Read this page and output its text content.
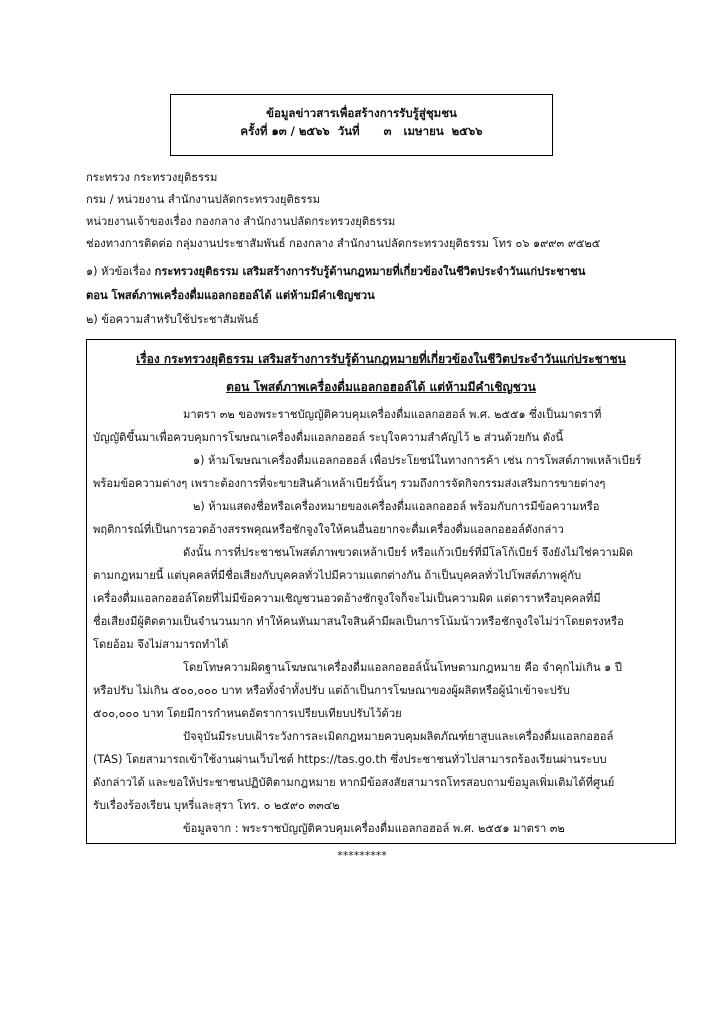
ข้อมูลข่าวสารเพื่อสร้างการรับรู้สู่ชุมชน
ครั้งที่ ๑๓ / ๒๕๖๖  วันที่      ๓   เมษายน  ๒๕๖๖
กระทรวง กระทรวงยุติธรรม
กรม / หน่วยงาน สำนักงานปลัดกระทรวงยุติธรรม
หน่วยงานเจ้าของเรื่อง กองกลาง สำนักงานปลัดกระทรวงยุติธรรม
ช่องทางการติดต่อ กลุ่มงานประชาสัมพันธ์ กองกลาง สำนักงานปลัดกระทรวงยุติธรรม โทร ๐๖ ๑๙๙๓ ๙๕๒๕
๑) หัวข้อเรื่อง กระทรวงยุติธรรม เสริมสร้างการรับรู้ด้านกฎหมายที่เกี่ยวข้องในชีวิตประจำวันแก่ประชาชน
ตอน โพสต์ภาพเครื่องดื่มแอลกอฮอล์ได้ แต่ห้ามมีคำเชิญชวน
๒) ข้อความสำหรับใช้ประชาสัมพันธ์
เรื่อง กระทรวงยุติธรรม เสริมสร้างการรับรู้ด้านกฎหมายที่เกี่ยวข้องในชีวิตประจำวันแก่ประชาชน
ตอน โพสต์ภาพเครื่องดื่มแอลกอฮอล์ได้ แต่ห้ามมีคำเชิญชวน
มาตรา ๓๒ ของพระราชบัญญัติควบคุมเครื่องดื่มแอลกอฮอล์ พ.ศ. ๒๕๕๑ ซึ่งเป็นมาตราที่
บัญญัติขึ้นมาเพื่อควบคุมการโฆษณาเครื่องดื่มแอลกอฮอล์ ระบุใจความสำคัญไว้ ๒ ส่วนด้วยกัน ดังนี้
๑) ห้ามโฆษณาเครื่องดื่มแอลกอฮอล์ เพื่อประโยชน์ในทางการค้า เช่น การโพสต์ภาพเหล้าเบียร์
พร้อมข้อความต่างๆ เพราะต้องการที่จะขายสินค้าเหล้าเบียร์นั้นๆ รวมถึงการจัดกิจกรรมส่งเสริมการขายต่างๆ
๒) ห้ามแสดงชื่อหรือเครื่องหมายของเครื่องดื่มแอลกอฮอล์ พร้อมกับการมีข้อความหรือ
พฤติการณ์ที่เป็นการอวดอ้างสรรพคุณหรือชักจูงใจให้คนอื่นอยากจะดื่มเครื่องดื่มแอลกอฮอล์ดังกล่าว
ดังนั้น การที่ประชาชนโพสต์ภาพขวดเหล้าเบียร์ หรือแก้วเบียร์ที่มีโลโก้เบียร์ จึงยังไม่ใช่ความผิด
ตามกฎหมายนี้ แต่บุคคลที่มีชื่อเสียงกับบุคคลทั่วไปมีความแตกต่างกัน ถ้าเป็นบุคคลทั่วไปโพสต์ภาพคู่กับ
เครื่องดื่มแอลกอฮอล์โดยที่ไม่มีข้อความเชิญชวนอวดอ้างชักจูงใจก็จะไม่เป็นความผิด แต่ดาราหรือบุคคลที่มี
ชื่อเสียงมีผู้ติดตามเป็นจำนวนมาก ทำให้คนหันมาสนใจสินค้ามีผลเป็นการโน้มน้าวหรือชักจูงใจไม่ว่าโดยตรงหรือ
โดยอ้อม จึงไม่สามารถทำได้
โดยโทษความผิดฐานโฆษณาเครื่องดื่มแอลกอฮอล์นั้นโทษตามกฎหมาย คือ จำคุกไม่เกิน ๑ ปี
หรือปรับ ไม่เกิน ๕๐๐,๐๐๐ บาท หรือทั้งจำทั้งปรับ แต่ถ้าเป็นการโฆษณาของผู้ผลิตหรือผู้นำเข้าจะปรับ
๕๐๐,๐๐๐ บาท โดยมีการกำหนดอัตราการเปรียบเทียบปรับไว้ด้วย
ปัจจุบันมีระบบเฝ้าระวังการละเมิดกฎหมายควบคุมผลิตภัณฑ์ยาสูบและเครื่องดื่มแอลกอฮอล์
(TAS) โดยสามารถเข้าใช้งานผ่านเว็บไซต์ https://tas.go.th ซึ่งประชาชนทั่วไปสามารถร้องเรียนผ่านระบบ
ดังกล่าวได้ และขอให้ประชาชนปฏิบัติตามกฎหมาย หากมีข้อสงสัยสามารถโทรสอบถามข้อมูลเพิ่มเติมได้ที่ศูนย์
รับเรื่องร้องเรียน บุหรี่และสุรา โทร. ๐ ๒๕๙๐ ๓๓๔๒
ข้อมูลจาก : พระราชบัญญัติควบคุมเครื่องดื่มแอลกอฮอล์ พ.ศ. ๒๕๕๑ มาตรา ๓๒
*********
